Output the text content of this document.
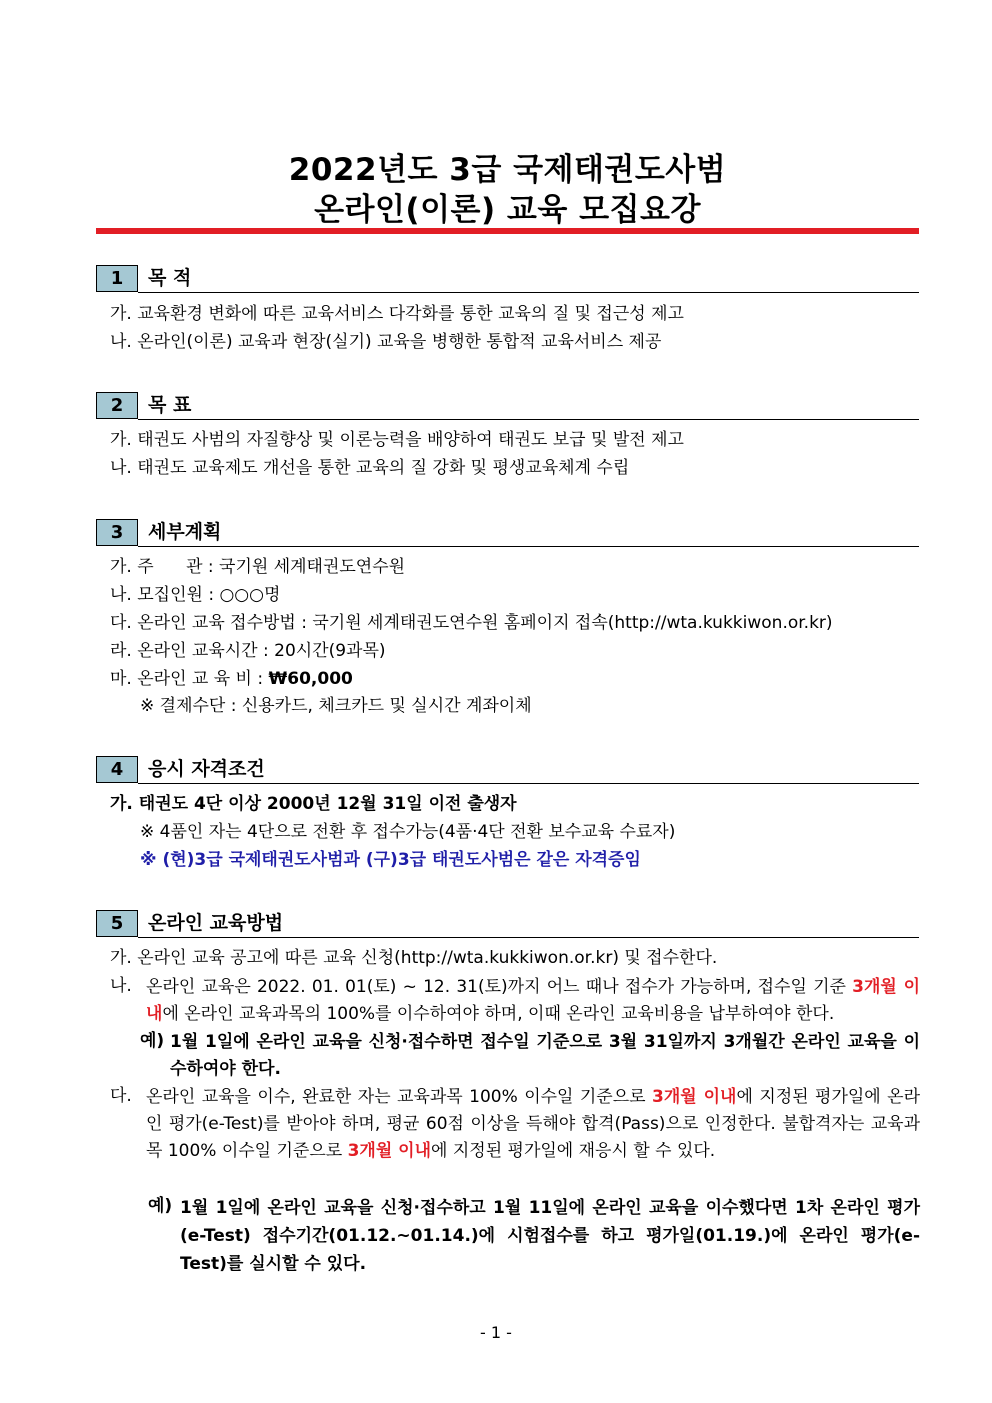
2022년도 3급 국제태권도사범
온라인(이론) 교육 모집요강
1	목 적
가. 교육환경 변화에 따른 교육서비스 다각화를 통한 교육의 질 및 접근성 제고
나. 온라인(이론) 교육과 현장(실기) 교육을 병행한 통합적 교육서비스 제공
2	목 표
가. 태권도 사범의 자질향상 및 이론능력을 배양하여 태권도 보급 및 발전 제고
나. 태권도 교육제도 개선을 통한 교육의 질 강화 및 평생교육체계 수립
3	세부계획
가. 주      관 : 국기원 세계태권도연수원
나. 모집인원 : ○○○명
다. 온라인 교육 접수방법 : 국기원 세계태권도연수원 홈페이지 접속(http://wta.kukkiwon.or.kr)
라. 온라인 교육시간 : 20시간(9과목)
마. 온라인 교 육 비 : ₩60,000
※ 결제수단 : 신용카드, 체크카드 및 실시간 계좌이체
4	응시 자격조건
가. 태권도 4단 이상 2000년 12월 31일 이전 출생자
※ 4품인 자는 4단으로 전환 후 접수가능(4품·4단 전환 보수교육 수료자)
※ (현)3급 국제태권도사범과 (구)3급 태권도사범은 같은 자격증임
5	온라인 교육방법
가. 온라인 교육 공고에 따른 교육 신청(http://wta.kukkiwon.or.kr) 및 접수한다.
나. 온라인 교육은 2022. 01. 01(토) ~ 12. 31(토)까지 어느 때나 접수가 가능하며, 접수일 기준 3개월 이내에 온라인 교육과목의 100%를 이수하여야 하며, 이때 온라인 교육비용을 납부하여야 한다.
예) 1월 1일에 온라인 교육을 신청·접수하면 접수일 기준으로 3월 31일까지 3개월간 온라인 교육을 이수하여야 한다.
다. 온라인 교육을 이수, 완료한 자는 교육과목 100% 이수일 기준으로 3개월 이내에 지정된 평가일에 온라인 평가(e-Test)를 받아야 하며, 평균 60점 이상을 득해야 합격(Pass)으로 인정한다. 불합격자는 교육과목 100% 이수일 기준으로 3개월 이내에 지정된 평가일에 재응시 할 수 있다.
예) 1월 1일에 온라인 교육을 신청·접수하고 1월 11일에 온라인 교육을 이수했다면 1차 온라인 평가(e-Test) 접수기간(01.12.~01.14.)에 시험접수를 하고 평가일(01.19.)에 온라인 평가(e-Test)를 실시할 수 있다.
- 1 -
